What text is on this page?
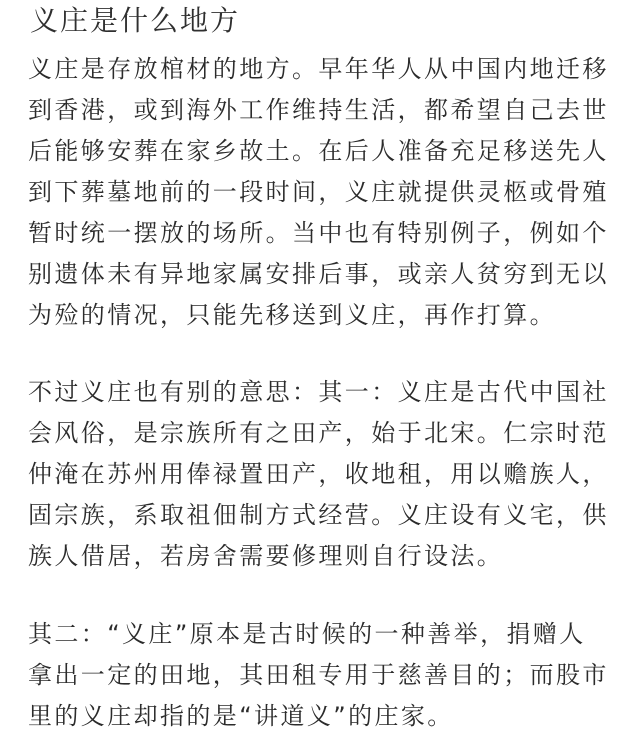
义庄是什么地方
义庄是存放棺材的地方。早年华人从中国内地迁移
到香港，或到海外工作维持生活，都希望自己去世
后能够安葬在家乡故土。在后人准备充足移送先人
到下葬墓地前的一段时间，义庄就提供灵柩或骨殖
暂时统一摆放的场所。当中也有特别例子，例如个
别遗体未有异地家属安排后事，或亲人贫穷到无以
为殓的情况，只能先移送到义庄，再作打算。
不过义庄也有别的意思：其一：义庄是古代中国社
会风俗，是宗族所有之田产，始于北宋。仁宗时范
仲淹在苏州用俸禄置田产，收地租，用以赡族人，
固宗族，系取祖佃制方式经营。义庄设有义宅，供
族人借居，若房舍需要修理则自行设法。
其二：“义庄”原本是古时候的一种善举，捐赠人
拿出一定的田地，其田租专用于慈善目的；而股市
里的义庄却指的是“讲道义”的庄家。
